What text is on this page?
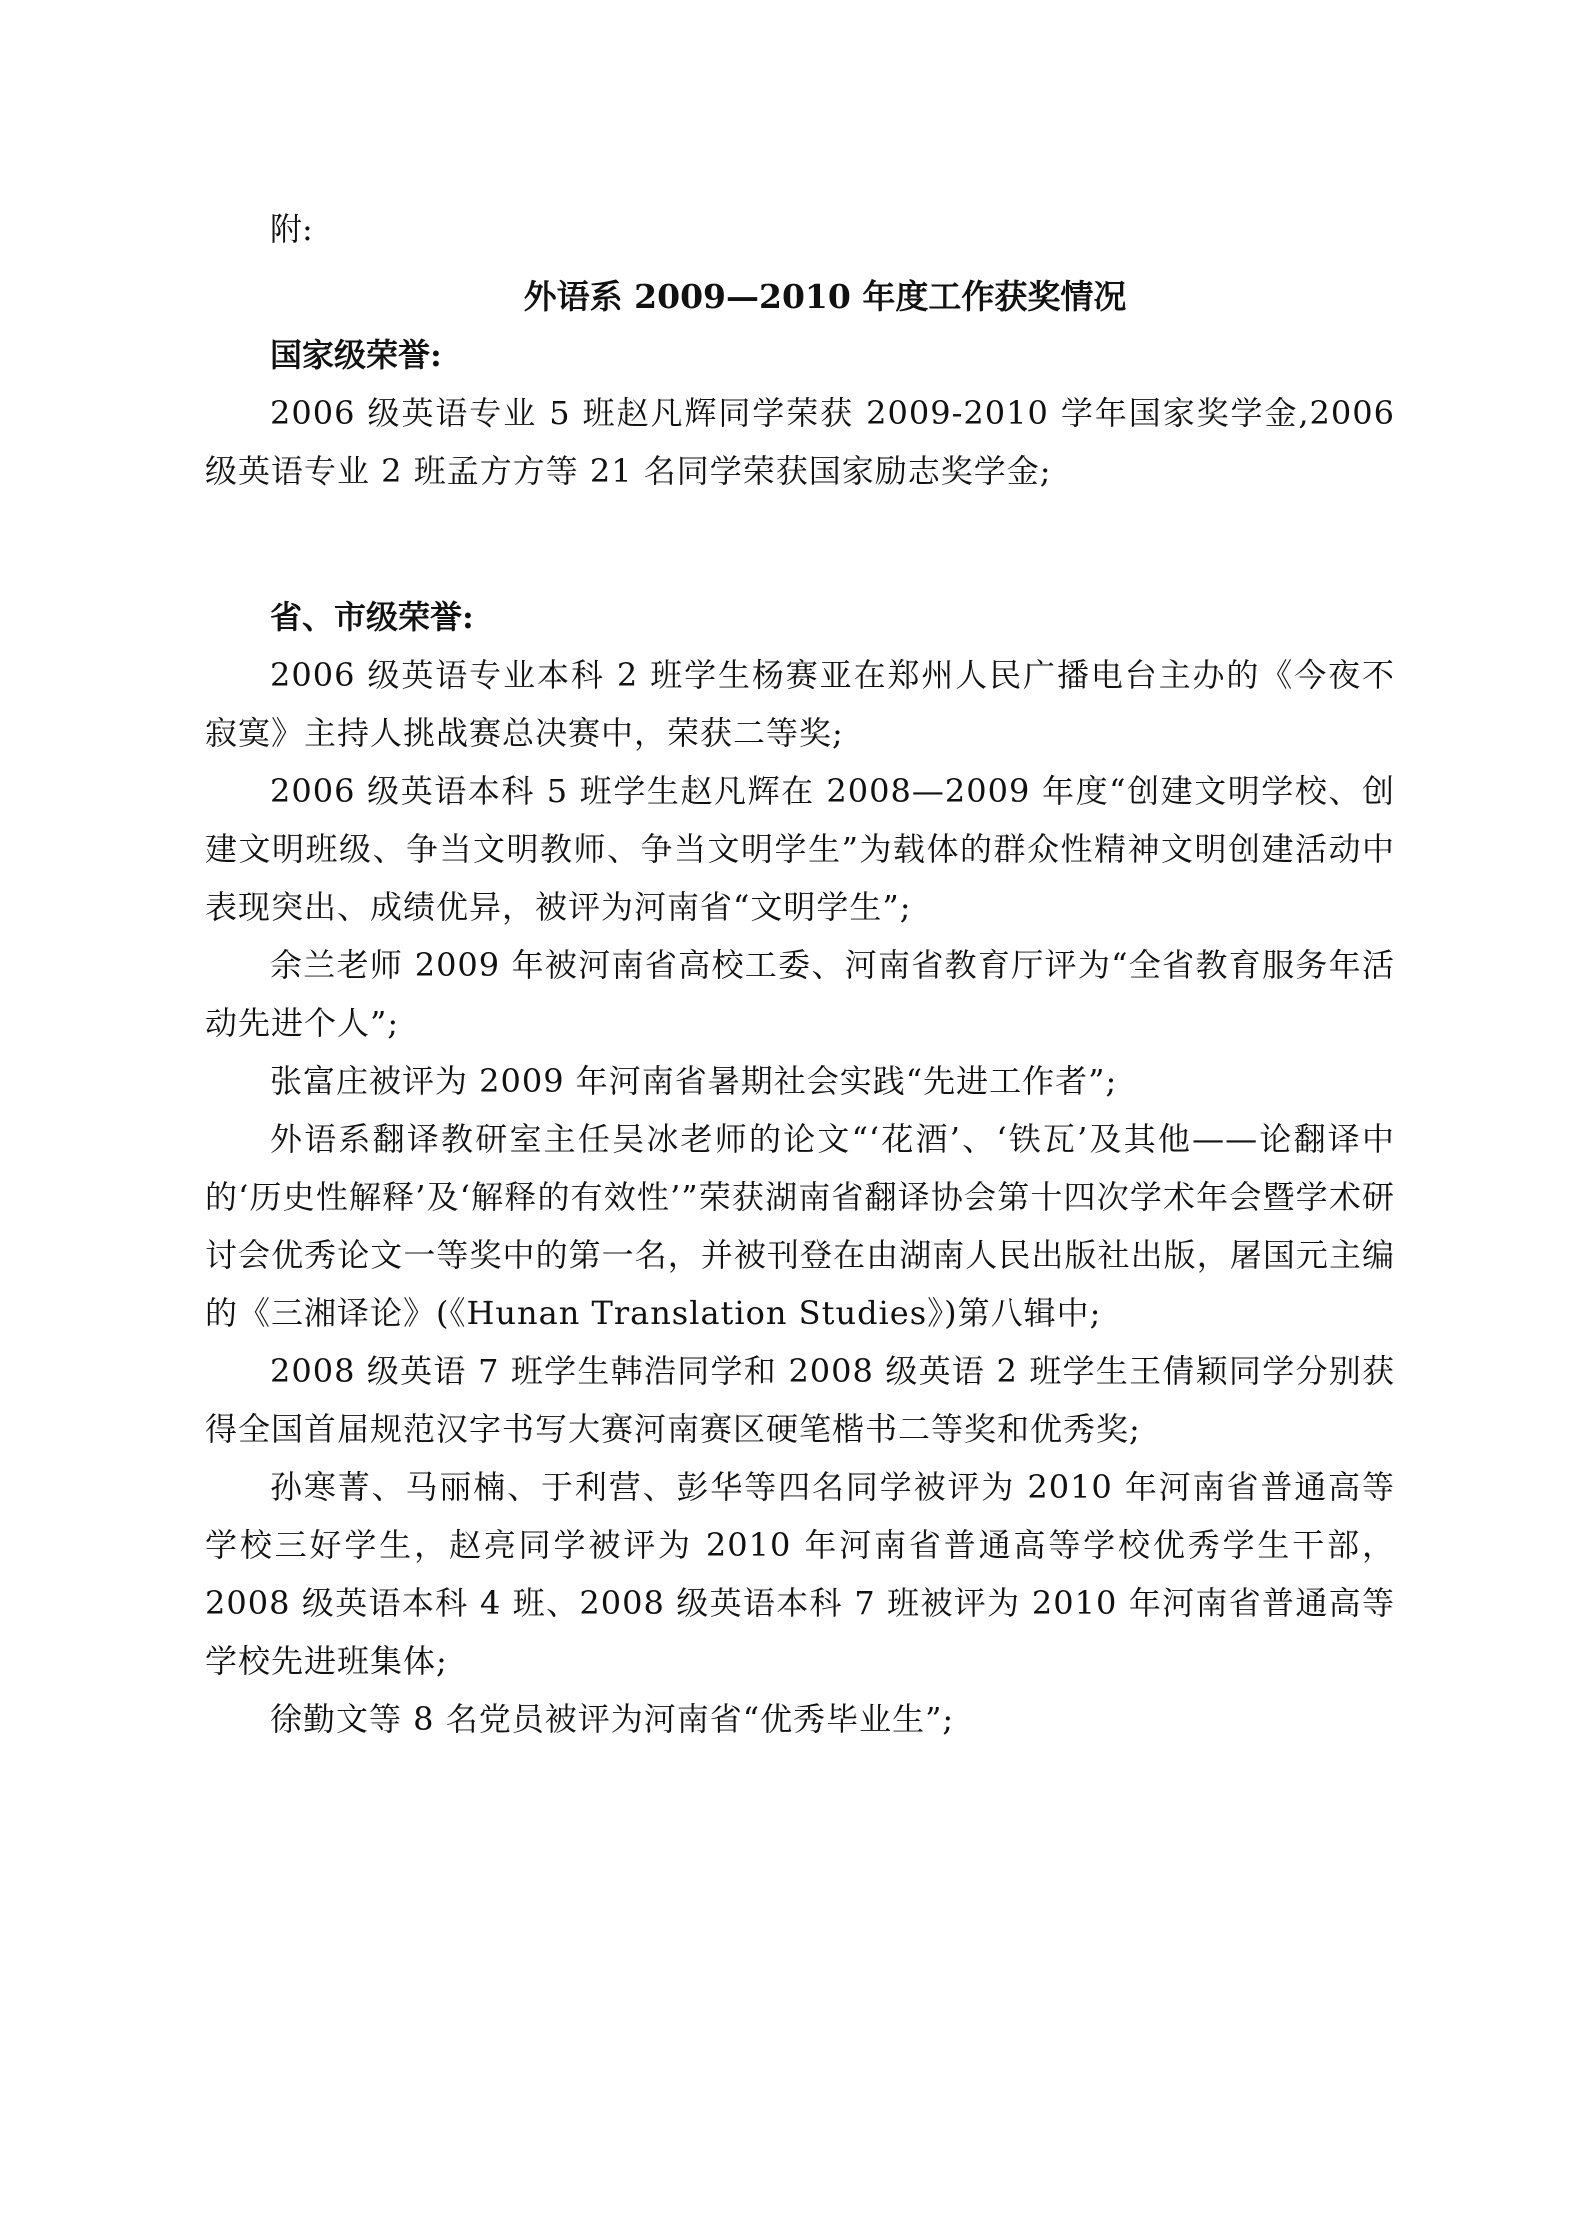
附:
外语系 2009—2010 年度工作获奖情况
国家级荣誉:

2006 级英语专业 5 班赵凡辉同学荣获 2009-2010 学年国家奖学金,2006 级英语专业 2 班孟方方等 21 名同学荣获国家励志奖学金;

省、市级荣誉:

2006 级英语专业本科 2 班学生杨赛亚在郑州人民广播电台主办的《今夜不寂寞》主持人挑战赛总决赛中，荣获二等奖;

2006 级英语本科 5 班学生赵凡辉在 2008—2009 年度“创建文明学校、创建文明班级、争当文明教师、争当文明学生”为载体的群众性精神文明创建活动中表现突出、成绩优异，被评为河南省“文明学生”;

余兰老师 2009 年被河南省高校工委、河南省教育厅评为“全省教育服务年活动先进个人”;

张富庄被评为 2009 年河南省暑期社会实践“先进工作者”;

外语系翻译教研室主任吴冰老师的论文“‘花酒’、‘铁瓦’及其他——论翻译中的‘历史性解释’及‘解释的有效性’”荣获湖南省翻译协会第十四次学术年会暨学术研讨会优秀论文一等奖中的第一名，并被刊登在由湖南人民出版社出版，屠国元主编的《三湘译论》(《Hunan Translation Studies》)第八辑中;

2008 级英语 7 班学生韩浩同学和 2008 级英语 2 班学生王倩颖同学分别获得全国首届规范汉字书写大赛河南赛区硬笔楷书二等奖和优秀奖;

孙寒菁、马丽楠、于利营、彭华等四名同学被评为 2010 年河南省普通高等学校三好学生，赵亮同学被评为 2010 年河南省普通高等学校优秀学生干部， 2008 级英语本科 4 班、2008 级英语本科 7 班被评为 2010 年河南省普通高等学校先进班集体;

徐勤文等 8 名党员被评为河南省“优秀毕业生”;
